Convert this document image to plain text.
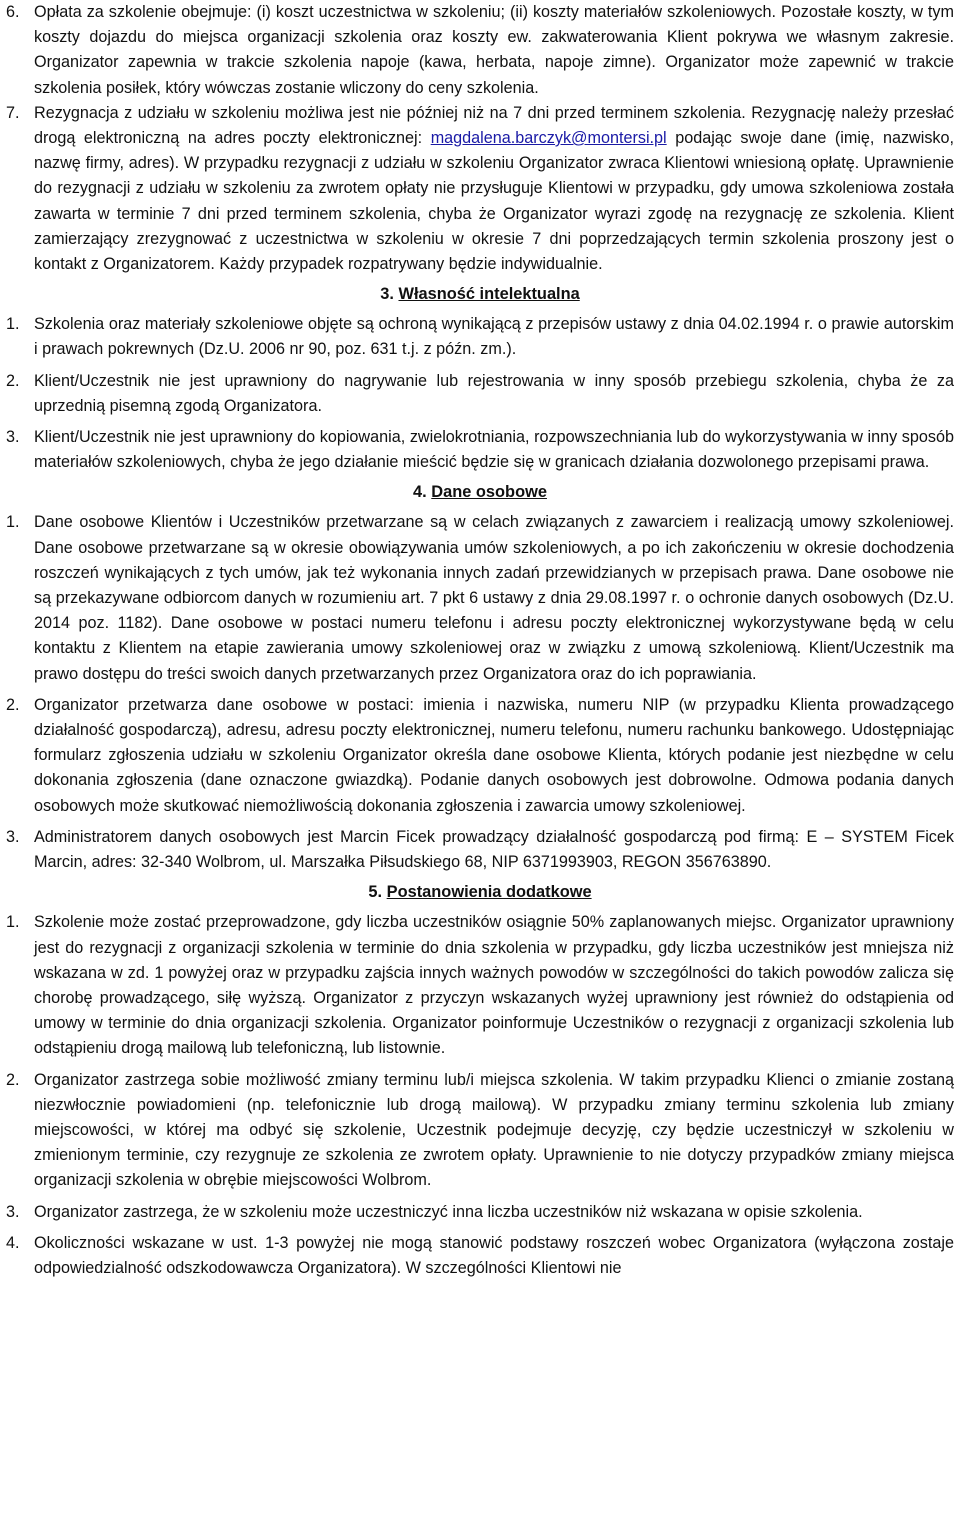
6. Opłata za szkolenie obejmuje: (i) koszt uczestnictwa w szkoleniu; (ii) koszty materiałów szkoleniowych. Pozostałe koszty, w tym koszty dojazdu do miejsca organizacji szkolenia oraz koszty ew. zakwaterowania Klient pokrywa we własnym zakresie. Organizator zapewnia w trakcie szkolenia napoje (kawa, herbata, napoje zimne). Organizator może zapewnić w trakcie szkolenia posiłek, który wówczas zostanie wliczony do ceny szkolenia.

7. Rezygnacja z udziału w szkoleniu możliwa jest nie później niż na 7 dni przed terminem szkolenia. Rezygnację należy przesłać drogą elektroniczną na adres poczty elektronicznej: magdalena.barczyk@montersi.pl podając swoje dane (imię, nazwisko, nazwę firmy, adres). W przypadku rezygnacji z udziału w szkoleniu Organizator zwraca Klientowi wniesioną opłatę. Uprawnienie do rezygnacji z udziału w szkoleniu za zwrotem opłaty nie przysługuje Klientowi w przypadku, gdy umowa szkoleniowa została zawarta w terminie 7 dni przed terminem szkolenia, chyba że Organizator wyrazi zgodę na rezygnację ze szkolenia. Klient zamierzający zrezygnować z uczestnictwa w szkoleniu w okresie 7 dni poprzedzających termin szkolenia proszony jest o kontakt z Organizatorem. Każdy przypadek rozpatrywany będzie indywidualnie.

3. Własność intelektualna

1. Szkolenia oraz materiały szkoleniowe objęte są ochroną wynikającą z przepisów ustawy z dnia 04.02.1994 r. o prawie autorskim i prawach pokrewnych (Dz.U. 2006 nr 90, poz. 631 t.j. z późn. zm.).

2. Klient/Uczestnik nie jest uprawniony do nagrywanie lub rejestrowania w inny sposób przebiegu szkolenia, chyba że za uprzednią pisemną zgodą Organizatora.

3. Klient/Uczestnik nie jest uprawniony do kopiowania, zwielokrotniania, rozpowszechniania lub do wykorzystywania w inny sposób materiałów szkoleniowych, chyba że jego działanie mieścić będzie się w granicach działania dozwolonego przepisami prawa.

4. Dane osobowe

1. Dane osobowe Klientów i Uczestników przetwarzane są w celach związanych z zawarciem i realizacją umowy szkoleniowej. Dane osobowe przetwarzane są w okresie obowiązywania umów szkoleniowych, a po ich zakończeniu w okresie dochodzenia roszczeń wynikających z tych umów, jak też wykonania innych zadań przewidzianych w przepisach prawa. Dane osobowe nie są przekazywane odbiorcom danych w rozumieniu art. 7 pkt 6 ustawy z dnia 29.08.1997 r. o ochronie danych osobowych (Dz.U. 2014 poz. 1182). Dane osobowe w postaci numeru telefonu i adresu poczty elektronicznej wykorzystywane będą w celu kontaktu z Klientem na etapie zawierania umowy szkoleniowej oraz w związku z umową szkoleniową. Klient/Uczestnik ma prawo dostępu do treści swoich danych przetwarzanych przez Organizatora oraz do ich poprawiania.

2. Organizator przetwarza dane osobowe w postaci: imienia i nazwiska, numeru NIP (w przypadku Klienta prowadzącego działalność gospodarczą), adresu, adresu poczty elektronicznej, numeru telefonu, numeru rachunku bankowego. Udostępniając formularz zgłoszenia udziału w szkoleniu Organizator określa dane osobowe Klienta, których podanie jest niezbędne w celu dokonania zgłoszenia (dane oznaczone gwiazdką). Podanie danych osobowych jest dobrowolne. Odmowa podania danych osobowych może skutkować niemożliwością dokonania zgłoszenia i zawarcia umowy szkoleniowej.

3. Administratorem danych osobowych jest Marcin Ficek prowadzący działalność gospodarczą pod firmą: E – SYSTEM Ficek Marcin, adres: 32-340 Wolbrom, ul. Marszałka Piłsudskiego 68, NIP 6371993903, REGON 356763890.

5. Postanowienia dodatkowe

1. Szkolenie może zostać przeprowadzone, gdy liczba uczestników osiągnie 50% zaplanowanych miejsc. Organizator uprawniony jest do rezygnacji z organizacji szkolenia w terminie do dnia szkolenia w przypadku, gdy liczba uczestników jest mniejsza niż wskazana w zd. 1 powyżej oraz w przypadku zajścia innych ważnych powodów w szczególności do takich powodów zalicza się chorobę prowadzącego, siłę wyższą. Organizator z przyczyn wskazanych wyżej uprawniony jest również do odstąpienia od umowy w terminie do dnia organizacji szkolenia. Organizator poinformuje Uczestników o rezygnacji z organizacji szkolenia lub odstąpieniu drogą mailową lub telefoniczną, lub listownie.

2. Organizator zastrzega sobie możliwość zmiany terminu lub/i miejsca szkolenia. W takim przypadku Klienci o zmianie zostaną niezwłocznie powiadomieni (np. telefonicznie lub drogą mailową). W przypadku zmiany terminu szkolenia lub zmiany miejscowości, w której ma odbyć się szkolenie, Uczestnik podejmuje decyzję, czy będzie uczestniczył w szkoleniu w zmienionym terminie, czy rezygnuje ze szkolenia ze zwrotem opłaty. Uprawnienie to nie dotyczy przypadków zmiany miejsca organizacji szkolenia w obrębie miejscowości Wolbrom.

3. Organizator zastrzega, że w szkoleniu może uczestniczyć inna liczba uczestników niż wskazana w opisie szkolenia.

4. Okoliczności wskazane w ust. 1-3 powyżej nie mogą stanowić podstawy roszczeń wobec Organizatora (wyłączona zostaje odpowiedzialność odszkodowawcza Organizatora). W szczególności Klientowi nie
